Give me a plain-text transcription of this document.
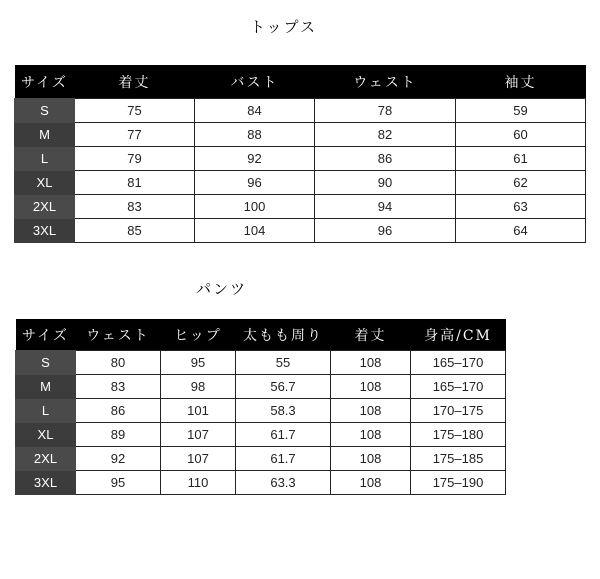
トップス
サイズ	着丈	バスト	ウェスト	袖丈
S	75	84	78	59
M	77	88	82	60
L	79	92	86	61
XL	81	96	90	62
2XL	83	100	94	63
3XL	85	104	96	64
パンツ
サイズ	ウェスト	ヒップ	太もも周り	着丈	身高/CM
S	80	95	55	108	165–170
M	83	98	56.7	108	165–170
L	86	101	58.3	108	170–175
XL	89	107	61.7	108	175–180
2XL	92	107	61.7	108	175–185
3XL	95	110	63.3	108	175–190
